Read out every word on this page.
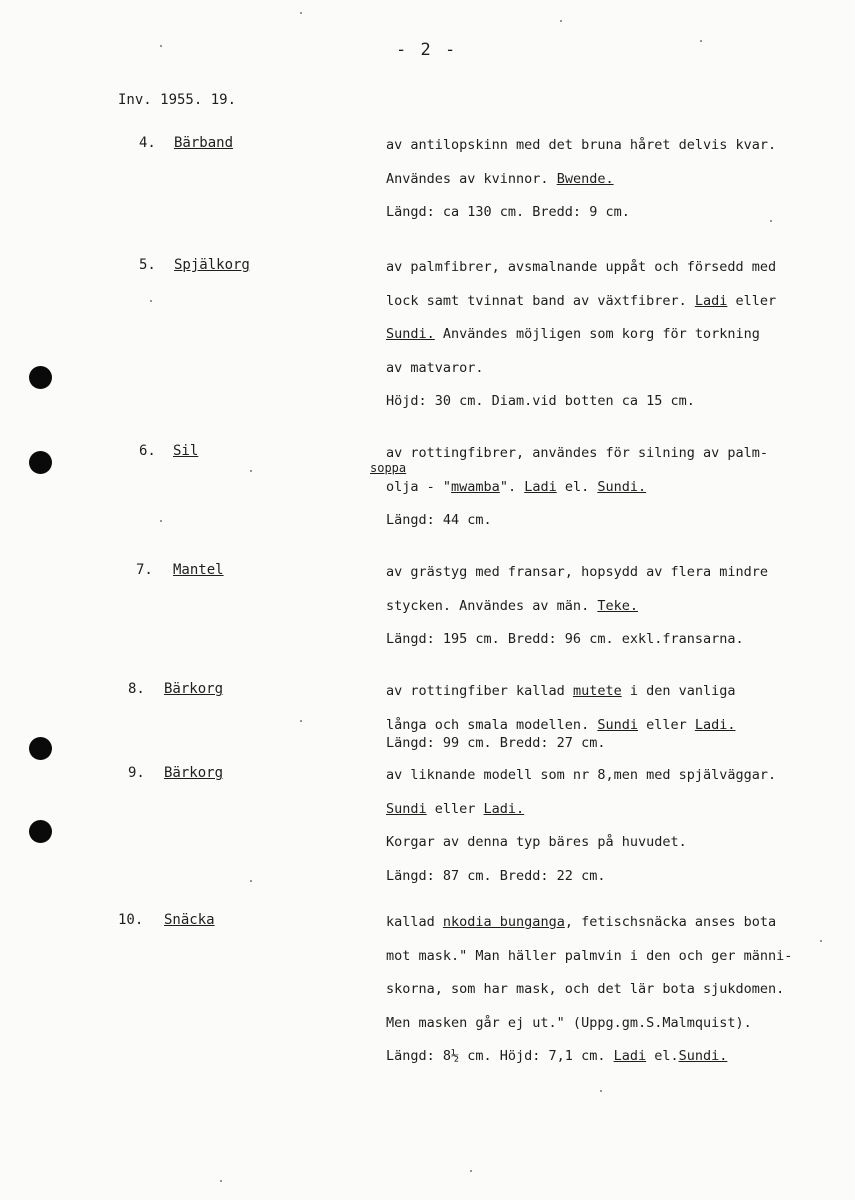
- 2 -
Inv. 1955. 19.
soppa
4. Bärband	av antilopskinn med det bruna håret delvis kvar.
Användes av kvinnor. Bwende.
Längd: ca 130 cm. Bredd: 9 cm.
5. Spjälkorg	av palmfibrer, avsmalnande uppåt och försedd med
lock samt tvinnat band av växtfibrer. Ladi eller
Sundi. Användes möjligen som korg för torkning
av matvaror.
Höjd: 30 cm. Diam.vid botten ca 15 cm.
6. Sil	av rottingfibrer, användes för silning av palm-
olja - "mwamba". Ladi el. Sundi.
Längd: 44 cm.
7. Mantel	av grästyg med fransar, hopsydd av flera mindre
stycken. Användes av män. Teke.
Längd: 195 cm. Bredd: 96 cm. exkl.fransarna.
8. Bärkorg	av rottingfiber kallad mutete i den vanliga
långa och smala modellen. Sundi eller Ladi.
Längd: 99 cm. Bredd: 27 cm.
9. Bärkorg	av liknande modell som nr 8,men med spjälväggar.
Sundi eller Ladi.
Korgar av denna typ bäres på huvudet.
Längd: 87 cm. Bredd: 22 cm.
10. Snäcka	kallad nkodia bunganga, fetischsnäcka anses bota
mot mask." Man häller palmvin i den och ger männi-
skorna, som har mask, och det lär bota sjukdomen.
Men masken går ej ut." (Uppg.gm.S.Malmquist).
Längd: 8½ cm. Höjd: 7,1 cm. Ladi el.Sundi.
